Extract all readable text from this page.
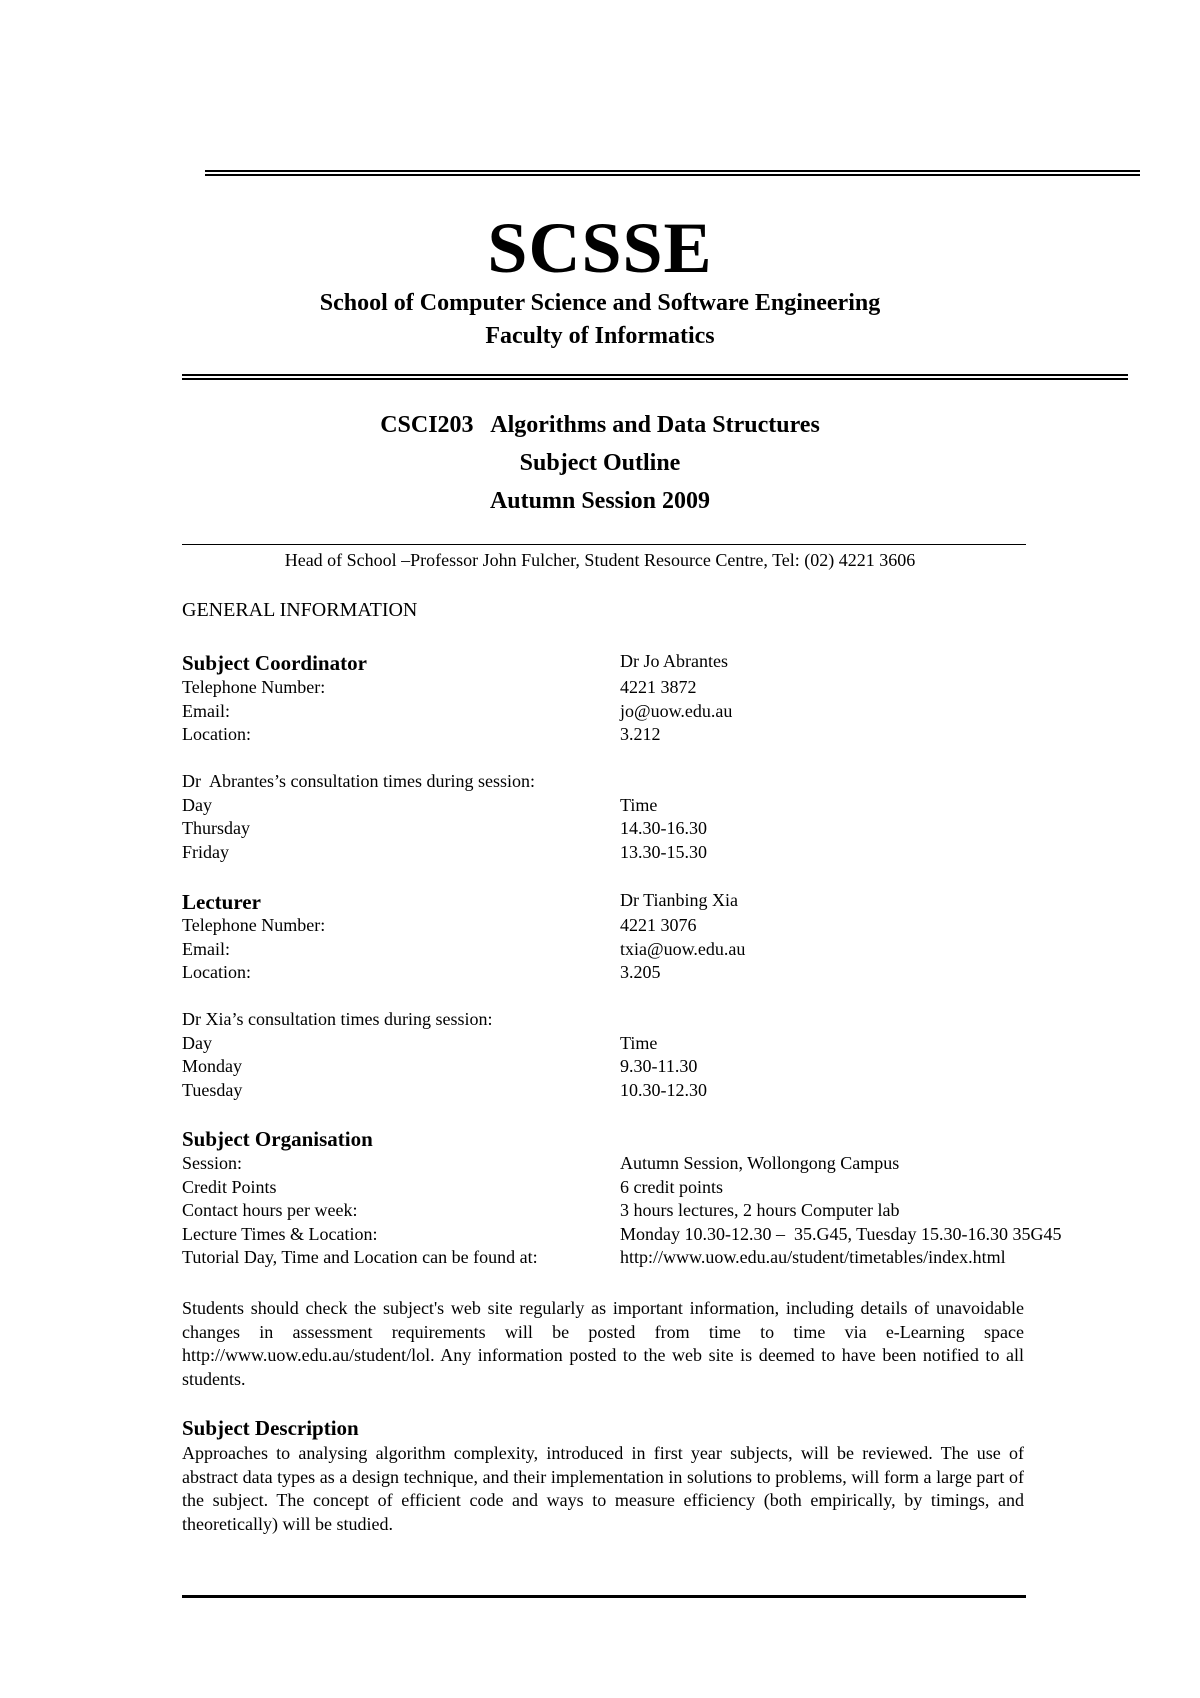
SCSSE
School of Computer Science and Software Engineering
Faculty of Informatics
CSCI203   Algorithms and Data Structures
Subject Outline
Autumn Session 2009
Head of School –Professor John Fulcher, Student Resource Centre, Tel: (02) 4221 3606
GENERAL INFORMATION
Subject Coordinator	Dr Jo Abrantes
Telephone Number:	4221 3872
Email:	jo@uow.edu.au
Location:	3.212
Dr  Abrantes’s consultation times during session:
Day	Time
Thursday	14.30-16.30
Friday	13.30-15.30
Lecturer	Dr Tianbing Xia
Telephone Number:	4221 3076
Email:	txia@uow.edu.au
Location:	3.205
Dr Xia’s consultation times during session:
Day	Time
Monday	9.30-11.30
Tuesday	10.30-12.30
Subject Organisation
Session:	Autumn Session, Wollongong Campus
Credit Points	6 credit points
Contact hours per week:	3 hours lectures, 2 hours Computer lab
Lecture Times & Location:	Monday 10.30-12.30 –  35.G45, Tuesday 15.30-16.30 35G45
Tutorial Day, Time and Location can be found at:	http://www.uow.edu.au/student/timetables/index.html
Students should check the subject's web site regularly as important information, including details of unavoidable changes in assessment requirements will be posted from time to time via e-Learning space http://www.uow.edu.au/student/lol. Any information posted to the web site is deemed to have been notified to all students.
Subject Description
Approaches to analysing algorithm complexity, introduced in first year subjects, will be reviewed. The use of abstract data types as a design technique, and their implementation in solutions to problems, will form a large part of the subject. The concept of efficient code and ways to measure efficiency (both empirically, by timings, and theoretically) will be studied.
